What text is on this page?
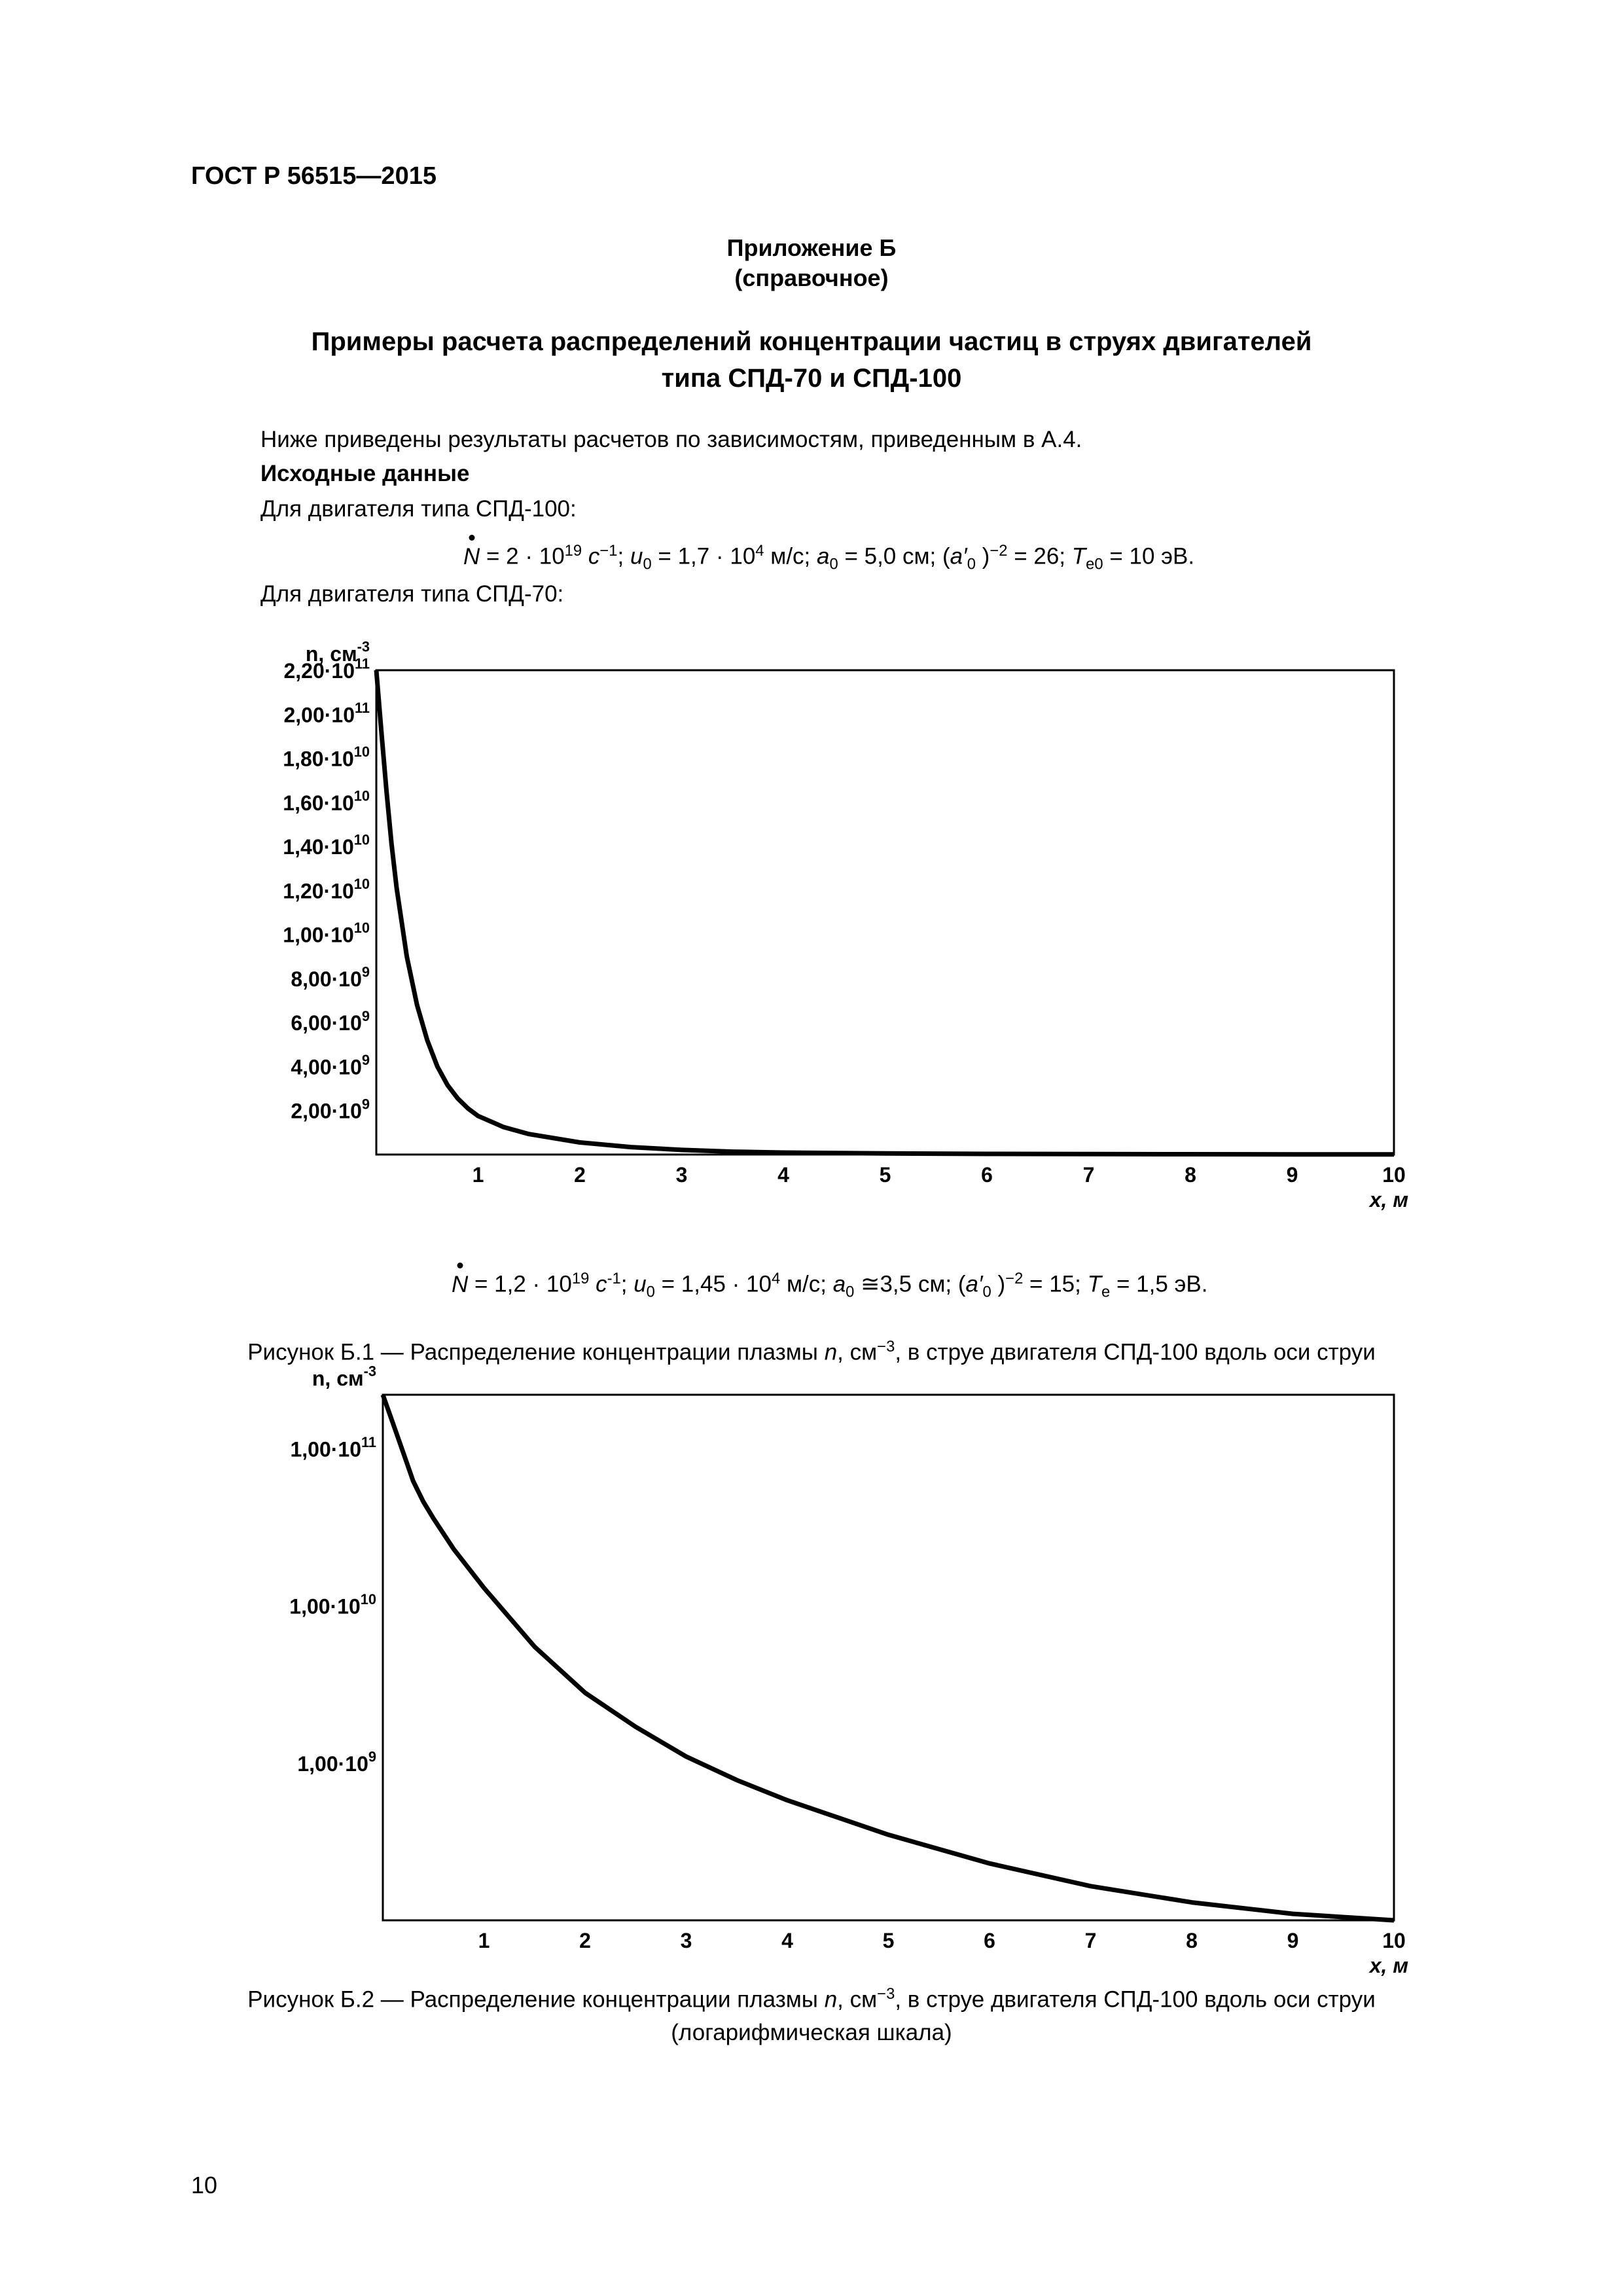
ГОСТ Р 56515—2015
Приложение Б
(справочное)
Примеры расчета распределений концентрации частиц в струях двигателей
типа СПД-70 и СПД-100
Ниже приведены результаты расчетов по зависимостям, приведенным в А.4.
Исходные данные
Для двигателя типа СПД-100:
$N = 2 \cdot 10^{19}$ $с^{-1}$; $u_0 = 1,7 \cdot 10^4$ м/с; $a_0 = 5,0$ см; ($a'_0$ )$^{-2}$ = 26; $T_{e0} = 10$ эВ.
Для двигателя типа СПД-70:
$2,20\cdot 10^{11}$
$2,00\cdot 10^{11}$
$1,80\cdot 10^{10}$
$1,60\cdot 10^{10}$
$1,40\cdot 10^{10}$
$1,20\cdot 10^{10}$
$1,00\cdot 10^{10}$
$8,00\cdot 10^9$
$6,00\cdot 10^9$
$4,00\cdot 10^9$
$2,00\cdot 10^9$
1	2	3	4	5	6	7	8	9	10
x, м
n, $см^{-3}$
$N = 1,2 \cdot 10^{19}$ $с^{-1}$; $u_0 = 1,45 \cdot 10^4$ м/с; $a_0$ ≅3,5 см; ($a'_0$ )$^{-2}$ = 15; $T_e = 1,5$ эВ.
Рисунок Б.1 — Распределение концентрации плазмы n, $см^{-3}$, в струе двигателя СПД-100 вдоль оси струи
$1,00\cdot 10^{11}$
$1,00\cdot 10^{10}$
$1,00\cdot 10^9$
1	2	3	4	5	6	7	8	9	10
x, м
n, $см^{-3}$
Рисунок Б.2 — Распределение концентрации плазмы n, $см^{-3}$, в струе двигателя СПД-100 вдоль оси струи
(логарифмическая шкала)
10
